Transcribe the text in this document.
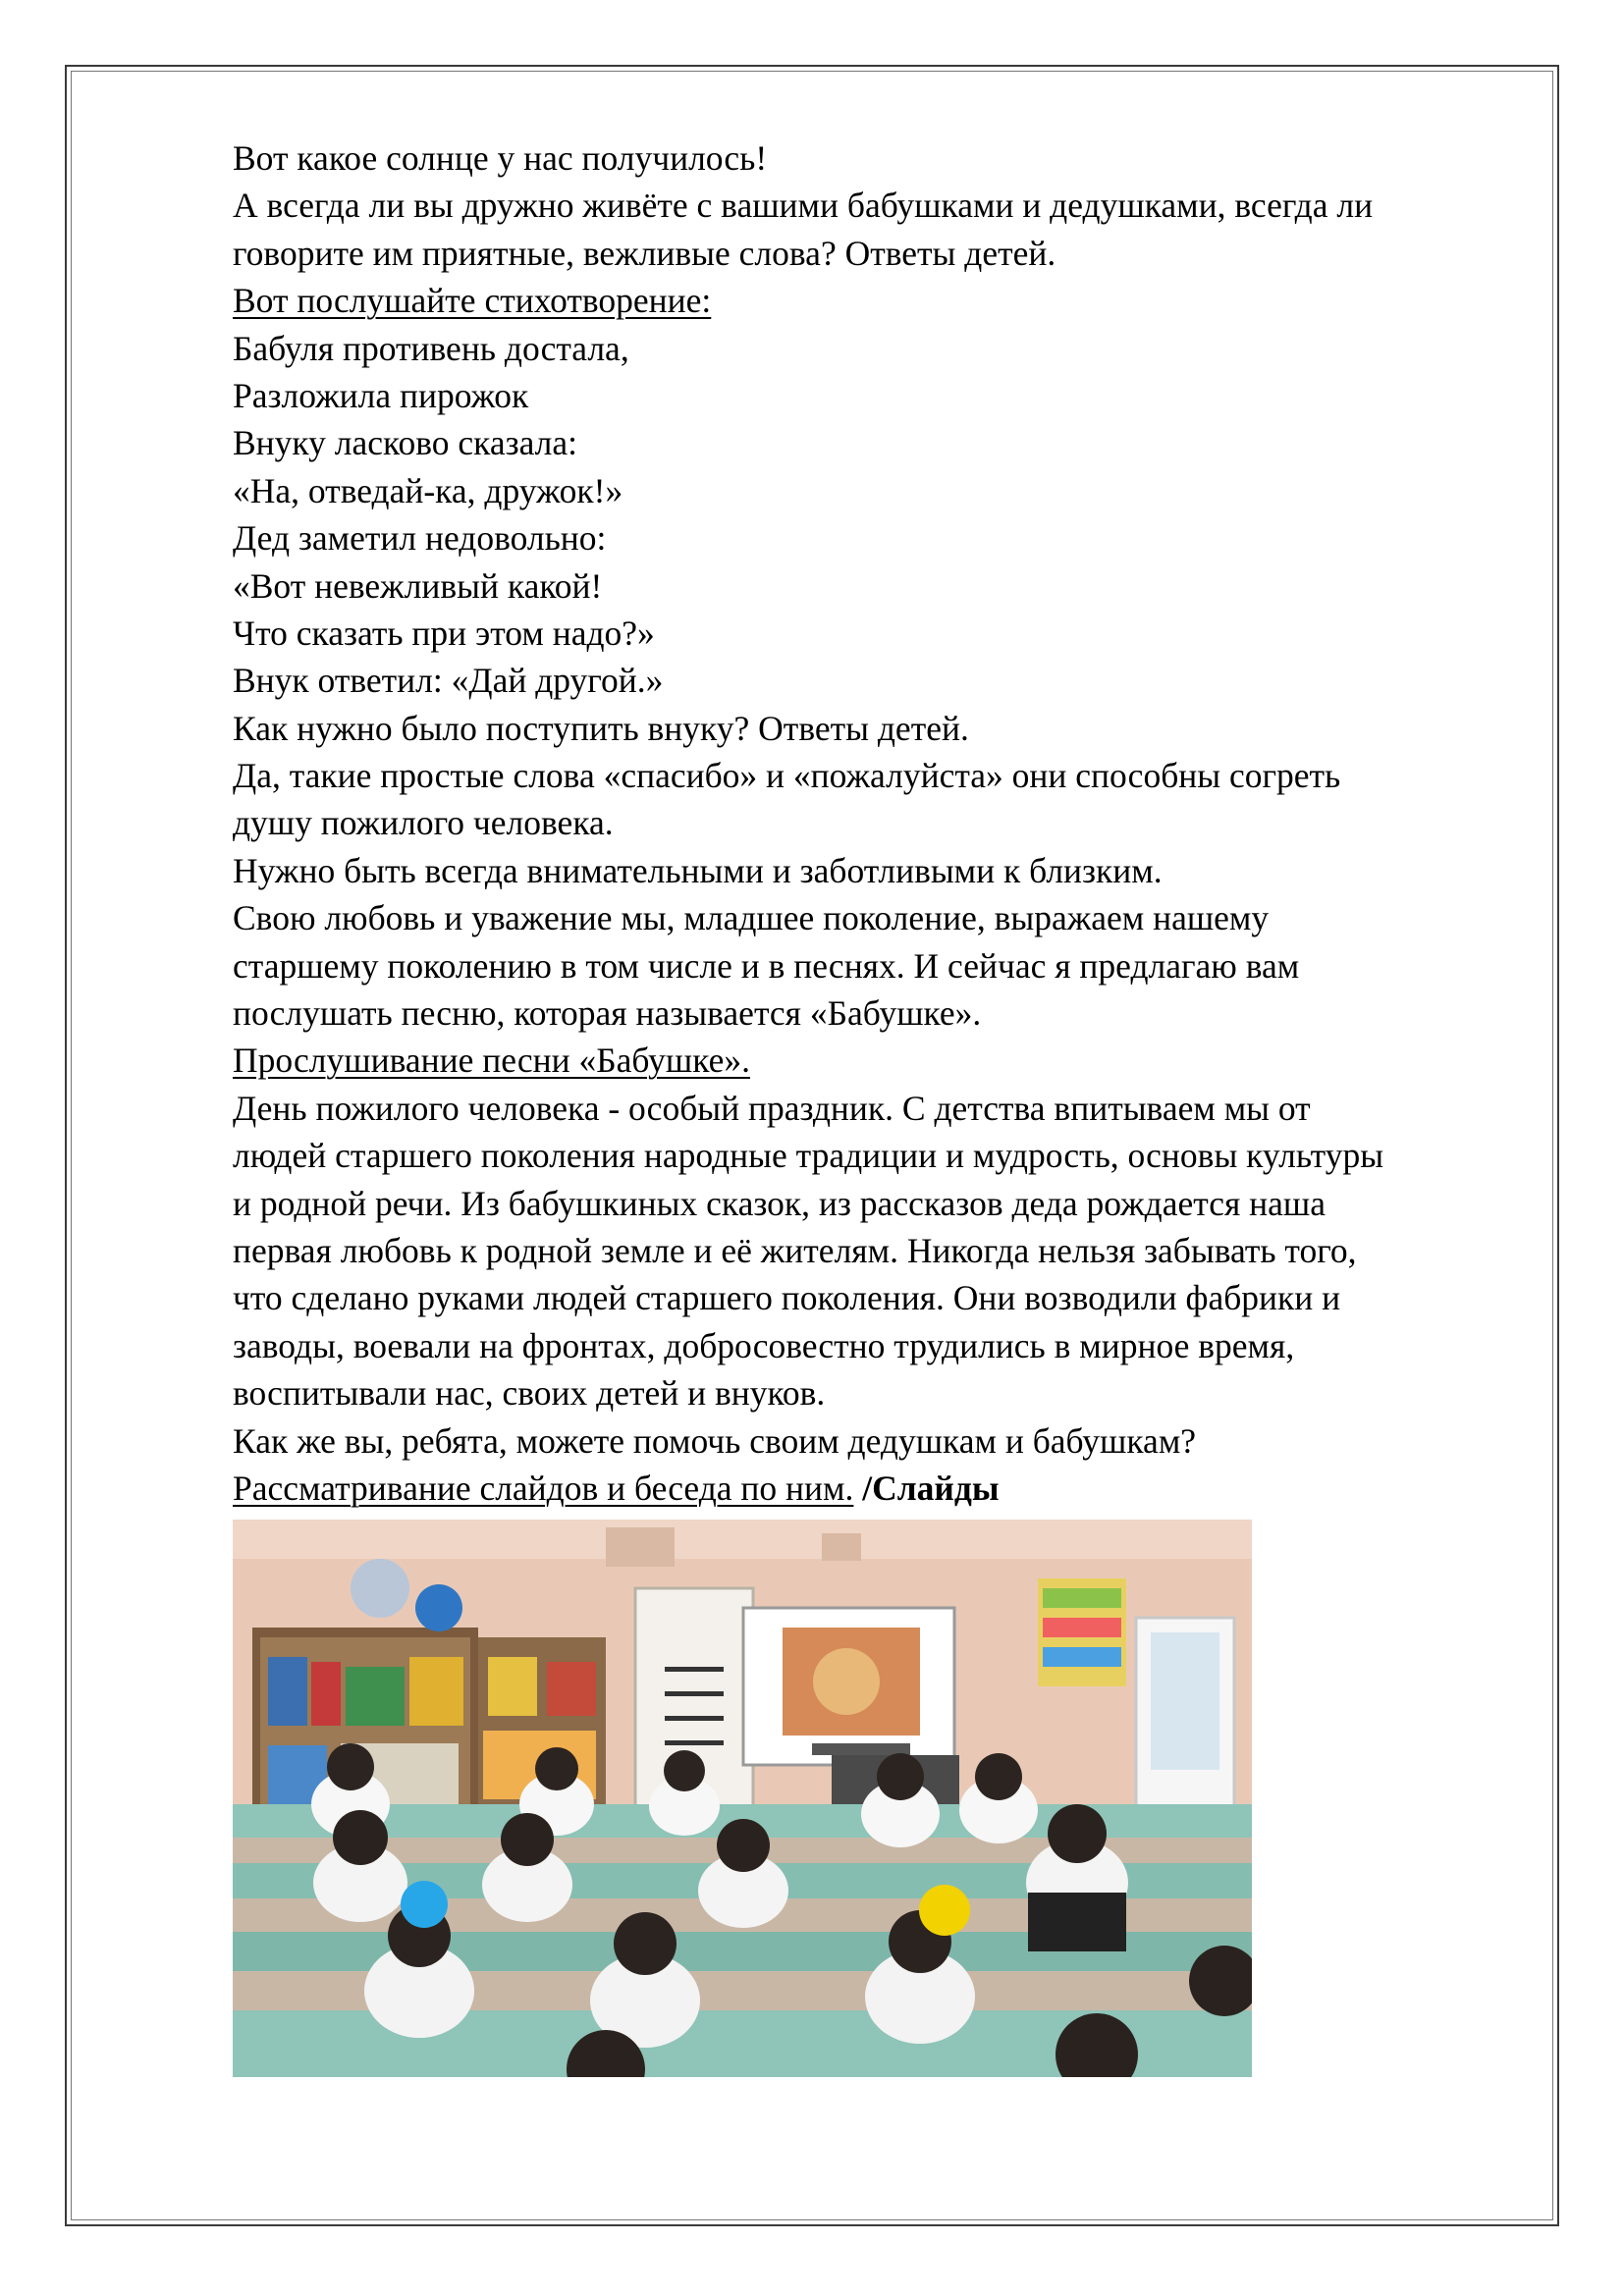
Вот какое солнце у нас получилось!

А всегда ли вы дружно живёте с вашими бабушками и дедушками, всегда ли

говорите им приятные, вежливые слова? Ответы детей.

Вот послушайте стихотворение:

Бабуля противень достала,

Разложила пирожок

Внуку ласково сказала:

«На, отведай-ка, дружок!»

Дед заметил недовольно:

«Вот невежливый какой!

Что сказать при этом надо?»

Внук ответил: «Дай другой.»

Как нужно было поступить внуку? Ответы детей.

Да, такие простые слова «спасибо» и «пожалуйста» они способны согреть

душу пожилого человека.

Нужно быть всегда внимательными и заботливыми к близким.

Свою любовь и уважение мы, младшее поколение, выражаем нашему

старшему поколению в том числе и в песнях. И сейчас я предлагаю вам

послушать песню, которая называется «Бабушке».

Прослушивание песни «Бабушке».

День пожилого человека - особый праздник. С детства впитываем мы от

людей старшего поколения народные традиции и мудрость, основы культуры

и родной речи. Из бабушкиных сказок, из рассказов деда рождается наша

первая любовь к родной земле и её жителям. Никогда нельзя забывать того,

что сделано руками людей старшего поколения. Они возводили фабрики и

заводы, воевали на фронтах, добросовестно трудились в мирное время,

воспитывали нас, своих детей и внуков.

Как же вы, ребята, можете помочь своим дедушкам и бабушкам?

Рассматривание слайдов и беседа по ним. /Слайды
